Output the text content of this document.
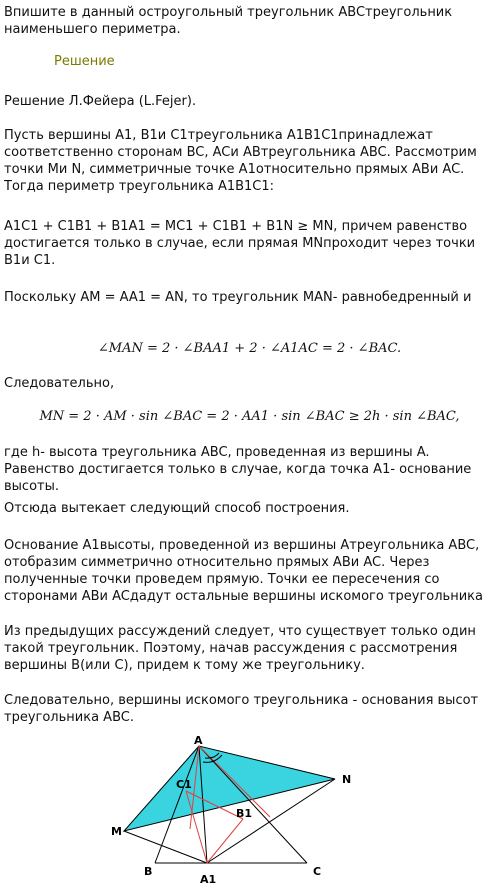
Впишите в данный остроугольный треугольник ABCтреугольник наименьшего периметра.

Решение

Решение Л.Фейера (L.Fejer).

Пусть вершины A1, B1и C1треугольника A1B1C1принадлежат соответственно сторонам BC, ACи ABтреугольника ABC. Рассмотрим точки Mи N, симметричные точке A1относительно прямых ABи AC. Тогда периметр треугольника A1B1C1:

A1C1 + C1B1 + B1A1 = MC1 + C1B1 + B1N ≥ MN, причем равенство достигается только в случае, если прямая MNпроходит через точки B1и C1.

Поскольку AM = AA1 = AN, то треугольник MAN- равнобедренный и

∠MAN = 2 · ∠BAA1 + 2 · ∠A1AC = 2 · ∠BAC.

Следовательно,

MN = 2 · AM · sin ∠BAC = 2 · AA1 · sin ∠BAC ≥ 2h · sin ∠BAC,

где h- высота треугольника ABC, проведенная из вершины A. Равенство достигается только в случае, когда точка A1- основание высоты.

Отсюда вытекает следующий способ построения.

Основание A1высоты, проведенной из вершины Aтреугольника ABC, отобразим симметрично относительно прямых ABи AC. Через полученные точки проведем прямую. Точки ее пересечения со сторонами ABи ACдадут остальные вершины искомого треугольника

Из предыдущих рассуждений следует, что существует только один такой треугольник. Поэтому, начав рассуждения с рассмотрения вершины B(или C), придем к тому же треугольнику.

Следовательно, вершины искомого треугольника - основания высот треугольника ABC.

A
C1
B1
M
N
B	C
A1
